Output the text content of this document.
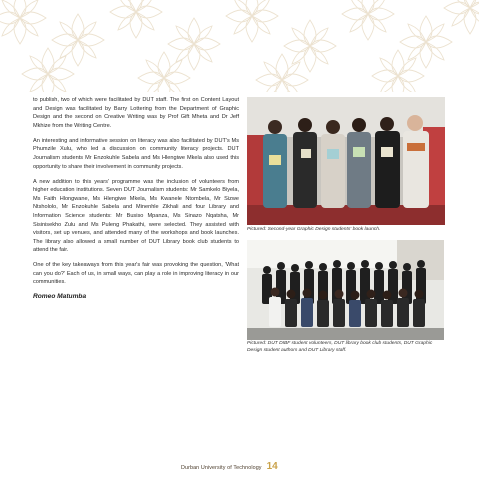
to publish, two of which were facilitated by DUT staff. The first on Content Layout and Design was facilitated by Barry Lottering from the Department of Graphic Design and the second on Creative Writing was by Prof Gift Mheta and Dr Jeff Mkhize from the Writing Centre.

An interesting and informative session on literacy was also facilitated by DUT's Ms Phumzile Xulu, who led a discussion on community literacy projects. DUT Journalism students Mr Enzokuhle Sabela and Ms Hlengiwe Mkela also used this opportunity to share their involvement in community projects.

A new addition to this years' programme was the inclusion of volunteers from higher education institutions. Seven DUT Journalism students: Mr Samkelo Biyela, Ms Faith Hlongwane, Ms Hlengiwe Mkela, Ms Kwanele Ntombela, Mr Sizwe Ntshololo, Mr Enzokuhle Sabela and Minenhle Zikhali and four Library and Information Science students: Mr Busiso Mpanza, Ms Sinazo Nqatsha, Mr Sisinisekho Zulu and Ms Puleng Phakathi, were selected. They assisted with visitors, set up venues, and attended many of the workshops and book launches. The library also allowed a small number of DUT Library book club students to attend the fair.

One of the key takeaways from this year's fair was provoking the question, 'What can you do?' Each of us, in small ways, can play a role in improving literacy in our communities.

Romeo Matumba

Pictured: Second-year Graphic Design students' book launch.

Pictured: DUT DIBF student volunteers, DUT library book club students, DUT Graphic Design student authors and DUT Library staff.

Durban University of Technology 14
